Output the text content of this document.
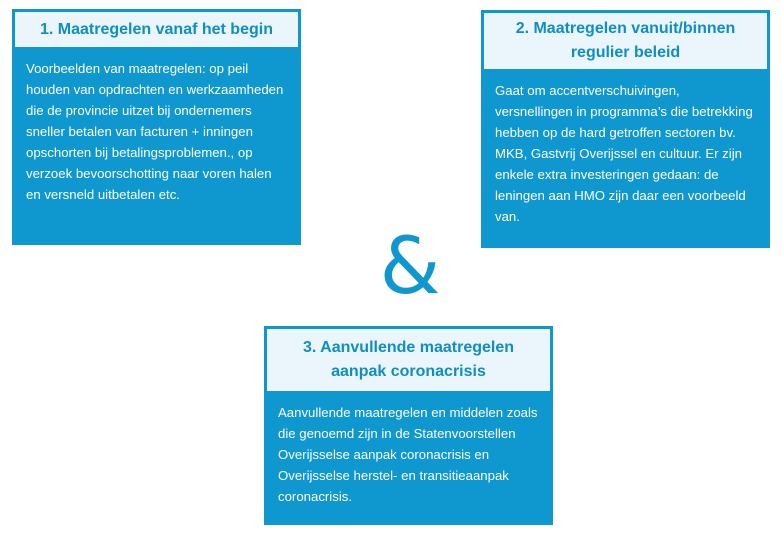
1. Maatregelen vanaf het begin
Voorbeelden van maatregelen: op peil houden van opdrachten en werkzaamheden die de provincie uitzet bij ondernemers sneller betalen van facturen + inningen opschorten bij betalingsproblemen., op verzoek bevoorschotting naar voren halen en versneld uitbetalen etc.
2. Maatregelen vanuit/binnen regulier beleid
Gaat om accentverschuivingen, versnellingen in programma’s die betrekking hebben op de hard getroffen sectoren bv. MKB, Gastvrij Overijssel en cultuur. Er zijn enkele extra investeringen gedaan: de leningen aan HMO zijn daar een voorbeeld van.
&
3. Aanvullende maatregelen aanpak coronacrisis
Aanvullende maatregelen en middelen zoals die genoemd zijn in de Statenvoorstellen Overijsselse aanpak coronacrisis en Overijsselse herstel- en transitieaanpak coronacrisis.
